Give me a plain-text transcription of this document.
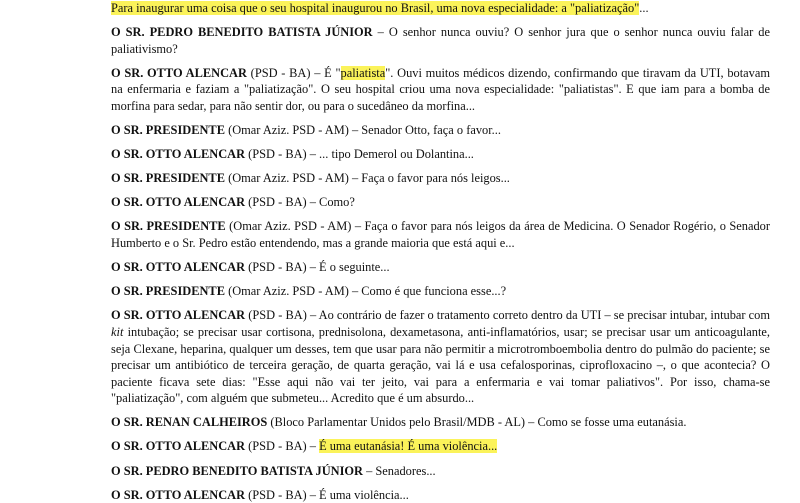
Para inaugurar uma coisa que o seu hospital inaugurou no Brasil, uma nova especialidade: a "paliatização"...

O SR. PEDRO BENEDITO BATISTA JÚNIOR – O senhor nunca ouviu? O senhor jura que o senhor nunca ouviu falar de paliativismo?

O SR. OTTO ALENCAR (PSD - BA) – É "paliatista". Ouvi muitos médicos dizendo, confirmando que tiravam da UTI, botavam na enfermaria e faziam a "paliatização". O seu hospital criou uma nova especialidade: "paliatistas". E que iam para a bomba de morfina para sedar, para não sentir dor, ou para o sucedâneo da morfina...

O SR. PRESIDENTE (Omar Aziz. PSD - AM) – Senador Otto, faça o favor...

O SR. OTTO ALENCAR (PSD - BA) – ... tipo Demerol ou Dolantina...

O SR. PRESIDENTE (Omar Aziz. PSD - AM) – Faça o favor para nós leigos...

O SR. OTTO ALENCAR (PSD - BA) – Como?

O SR. PRESIDENTE (Omar Aziz. PSD - AM) – Faça o favor para nós leigos da área de Medicina. O Senador Rogério, o Senador Humberto e o Sr. Pedro estão entendendo, mas a grande maioria que está aqui e...

O SR. OTTO ALENCAR (PSD - BA) – É o seguinte...

O SR. PRESIDENTE (Omar Aziz. PSD - AM) – Como é que funciona esse...?

O SR. OTTO ALENCAR (PSD - BA) – Ao contrário de fazer o tratamento correto dentro da UTI – se precisar intubar, intubar com kit intubação; se precisar usar cortisona, prednisolona, dexametasona, anti-inflamatórios, usar; se precisar usar um anticoagulante, seja Clexane, heparina, qualquer um desses, tem que usar para não permitir a microtromboembolia dentro do pulmão do paciente; se precisar um antibiótico de terceira geração, de quarta geração, vai lá e usa cefalosporinas, ciprofloxacino –, o que acontecia? O paciente ficava sete dias: "Esse aqui não vai ter jeito, vai para a enfermaria e vai tomar paliativos". Por isso, chama-se "paliatização", com alguém que submeteu... Acredito que é um absurdo...

O SR. RENAN CALHEIROS (Bloco Parlamentar Unidos pelo Brasil/MDB - AL) – Como se fosse uma eutanásia.

O SR. OTTO ALENCAR (PSD - BA) – É uma eutanásia! É uma violência...

O SR. PEDRO BENEDITO BATISTA JÚNIOR – Senadores...

O SR. OTTO ALENCAR (PSD - BA) – É uma violência...
